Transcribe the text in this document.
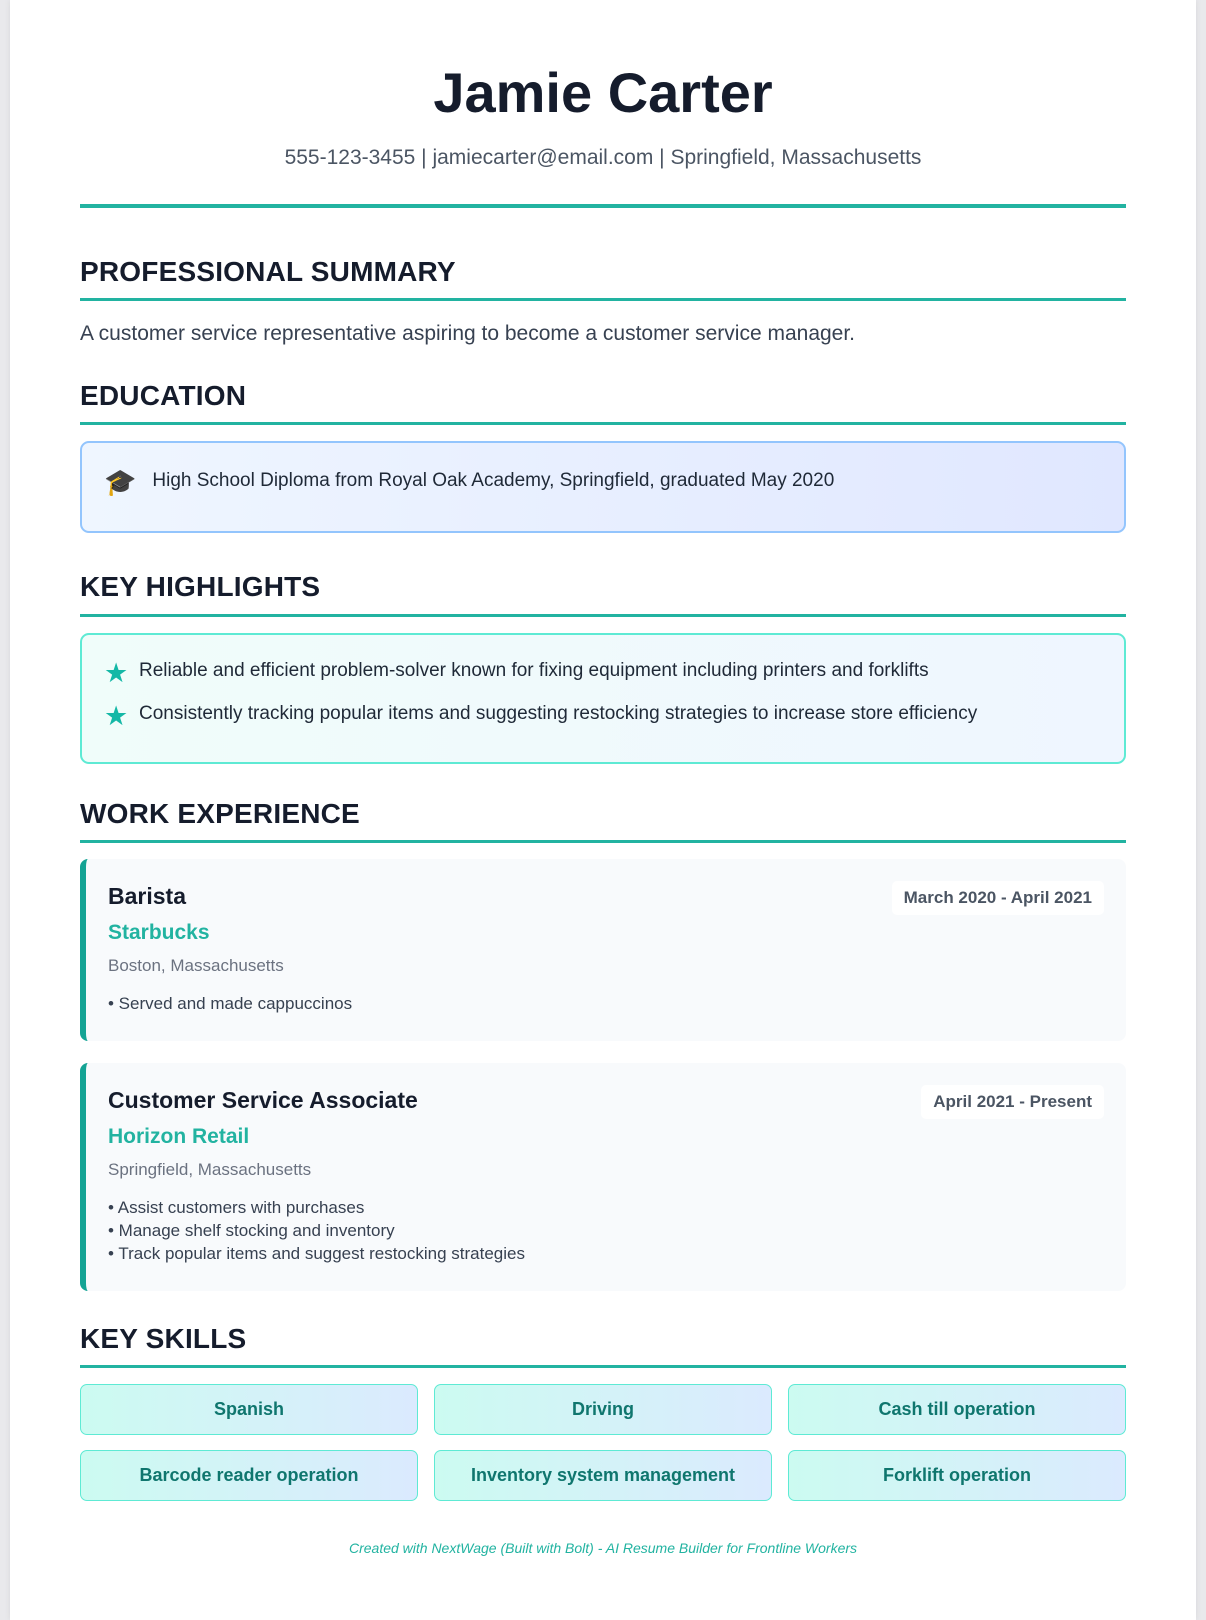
Jamie Carter
555-123-3455 | jamiecarter@email.com | Springfield, Massachusetts
PROFESSIONAL SUMMARY

A customer service representative aspiring to become a customer service manager.

EDUCATION
🎓 High School Diploma from Royal Oak Academy, Springfield, graduated May 2020
KEY HIGHLIGHTS
★ Reliable and efficient problem-solver known for fixing equipment including printers and forklifts
★ Consistently tracking popular items and suggesting restocking strategies to increase store efficiency
WORK EXPERIENCE
Barista
Starbucks
Boston, Massachusetts
• Served and made cappuccinos
March 2020 - April 2021
Customer Service Associate
Horizon Retail
Springfield, Massachusetts
• Assist customers with purchases
• Manage shelf stocking and inventory
• Track popular items and suggest restocking strategies
April 2021 - Present
KEY SKILLS
Spanish	Driving	Cash till operation
Barcode reader operation	Inventory system management	Forklift operation
Created with NextWage (Built with Bolt) - AI Resume Builder for Frontline Workers
